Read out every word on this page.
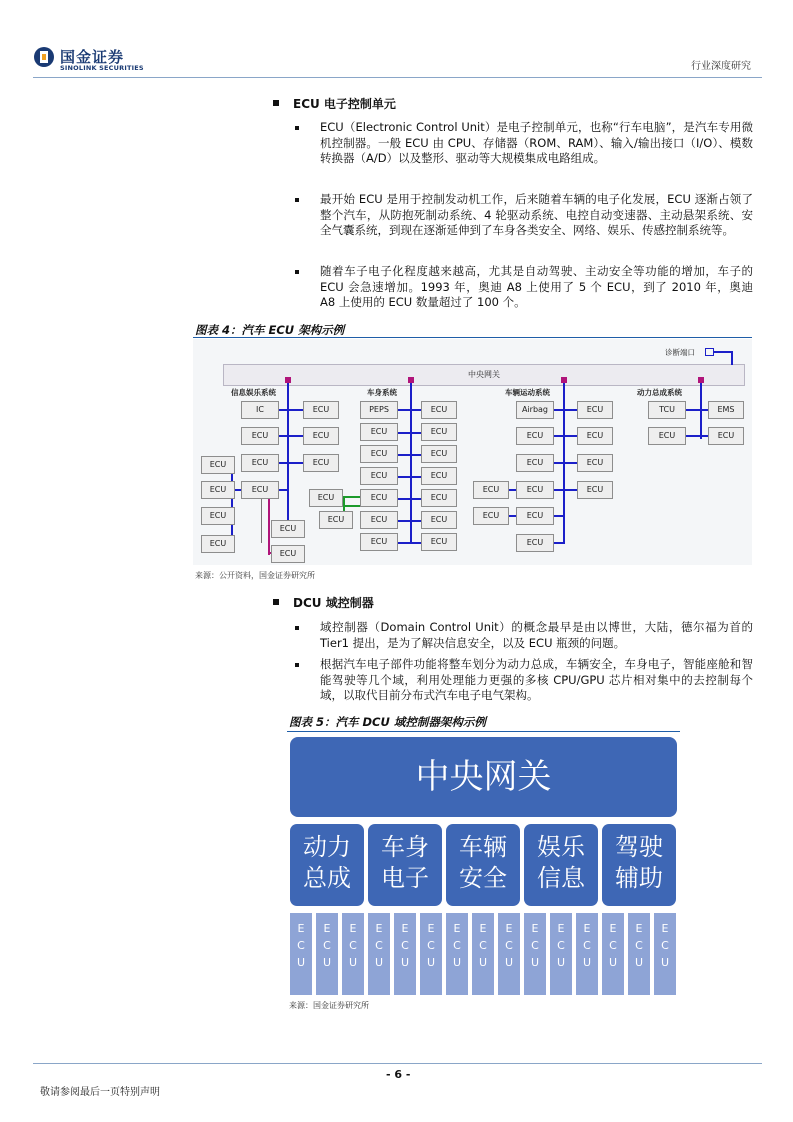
国金证券
SINOLINK SECURITIES	行业深度研究
ECU 电子控制单元
ECU（Electronic Control Unit）是电子控制单元，也称“行车电脑”，是汽车专用微机控制器。一般 ECU 由 CPU、存储器（ROM、RAM）、输入/输出接口（I/O）、模数转换器（A/D）以及整形、驱动等大规模集成电路组成。
最开始 ECU 是用于控制发动机工作，后来随着车辆的电子化发展，ECU 逐渐占领了整个汽车，从防抱死制动系统、4 轮驱动系统、电控自动变速器、主动悬架系统、安全气囊系统，到现在逐渐延伸到了车身各类安全、网络、娱乐、传感控制系统等。
随着车子电子化程度越来越高，尤其是自动驾驶、主动安全等功能的增加，车子的 ECU 会急速增加。1993 年，奥迪 A8 上使用了 5 个 ECU，到了 2010 年，奥迪 A8 上使用的 ECU 数量超过了 100 个。
图表 4：汽车 ECU 架构示例
中央网关
诊断端口
信息娱乐系统	车身系统	车辆运动系统	动力总成系统
IC	ECU
ECU	ECU
ECU	ECU
ECU
ECU
ECU
ECU
ECU
ECU
ECU
PEPS	ECU
ECU	ECU
ECU	ECU
ECU	ECU
ECU	ECU
ECU	ECU
ECU	ECU
ECU
ECU
Airbag	ECU
ECU	ECU
ECU	ECU
ECU	ECU
ECU
ECU
ECU
ECU
TCU	EMS
ECU	ECU
来源：公开资料，国金证券研究所
DCU 域控制器
域控制器（Domain Control Unit）的概念最早是由以博世，大陆，德尔福为首的 Tier1 提出，是为了解决信息安全，以及 ECU 瓶颈的问题。
根据汽车电子部件功能将整车划分为动力总成，车辆安全，车身电子，智能座舱和智能驾驶等几个域，利用处理能力更强的多核 CPU/GPU 芯片相对集中的去控制每个域，以取代目前分布式汽车电子电气架构。
图表 5：汽车 DCU 域控制器架构示例
中央网关
动力
总成
车身
电子
车辆
安全
娱乐
信息
驾驶
辅助
E
C
U
E
C
U
E
C
U
E
C
U
E
C
U
E
C
U
E
C
U
E
C
U
E
C
U
E
C
U
E
C
U
E
C
U
E
C
U
E
C
U
E
C
U
来源：国金证券研究所
- 6 -
敬请参阅最后一页特别声明
